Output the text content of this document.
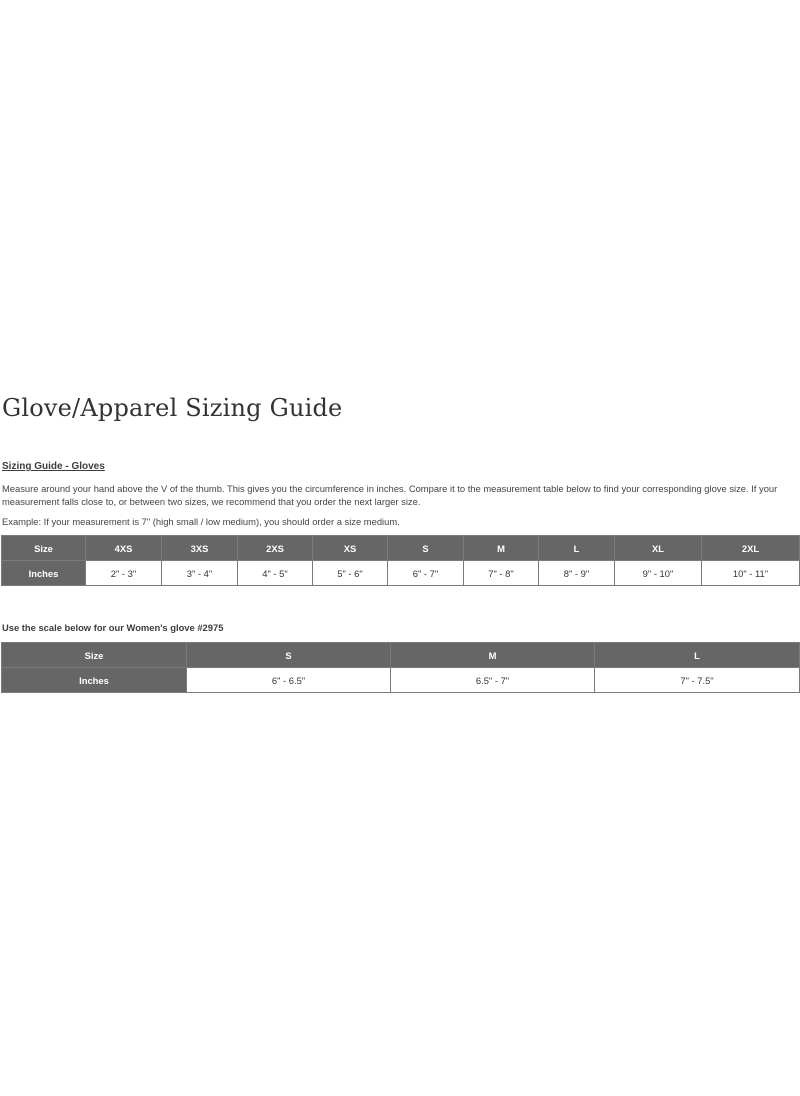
Glove/Apparel Sizing Guide
Sizing Guide - Gloves

Measure around your hand above the V of the thumb. This gives you the circumference in inches. Compare it to the measurement table below to find your corresponding glove size. If your measurement falls close to, or between two sizes, we recommend that you order the next larger size.

Example: If your measurement is 7" (high small / low medium), you should order a size medium.

Size	4XS	3XS	2XS	XS	S	M	L	XL	2XL
Inches	2" - 3"	3" - 4"	4" - 5"	5" - 6"	6" - 7"	7" - 8"	8" - 9"	9" - 10"	10" - 11"
Use the scale below for our Women's glove #2975
Size	S	M	L
Inches	6" - 6.5"	6.5" - 7"	7" - 7.5"
